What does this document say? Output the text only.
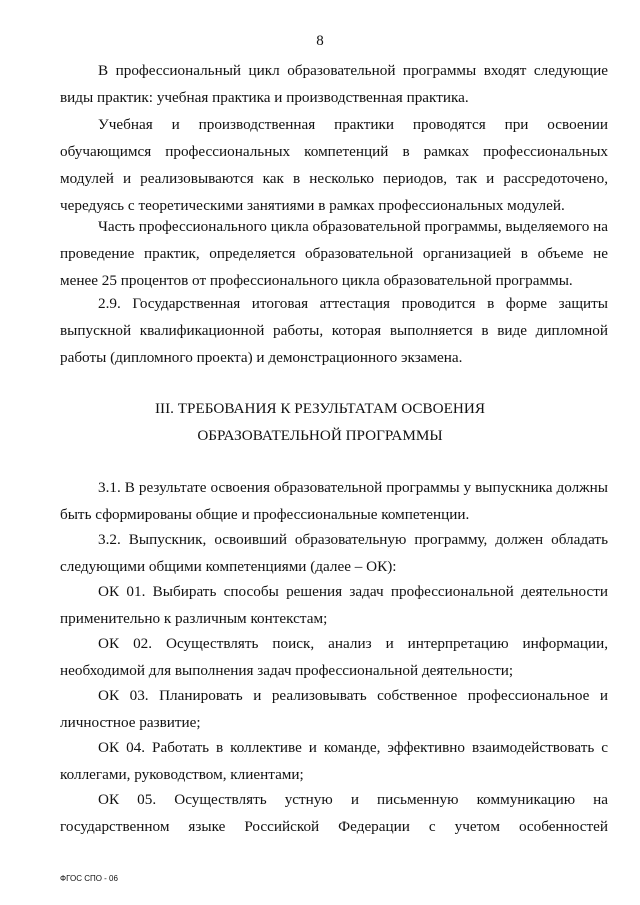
8

В профессиональный цикл образовательной программы входят следующие виды практик: учебная практика и производственная практика.

Учебная и производственная практики проводятся при освоении обучающимся профессиональных компетенций в рамках профессиональных модулей и реализовываются как в несколько периодов, так и рассредоточено, чередуясь с теоретическими занятиями в рамках профессиональных модулей.

Часть профессионального цикла образовательной программы, выделяемого на проведение практик, определяется образовательной организацией в объеме не менее 25 процентов от профессионального цикла образовательной программы.

2.9. Государственная итоговая аттестация проводится в форме защиты выпускной квалификационной работы, которая выполняется в виде дипломной работы (дипломного проекта) и демонстрационного экзамена.

III. ТРЕБОВАНИЯ К РЕЗУЛЬТАТАМ ОСВОЕНИЯ
ОБРАЗОВАТЕЛЬНОЙ ПРОГРАММЫ

3.1. В результате освоения образовательной программы у выпускника должны быть сформированы общие и профессиональные компетенции.

3.2. Выпускник, освоивший образовательную программу, должен обладать следующими общими компетенциями (далее – ОК):

ОК 01. Выбирать способы решения задач профессиональной деятельности применительно к различным контекстам;

ОК 02. Осуществлять поиск, анализ и интерпретацию информации, необходимой для выполнения задач профессиональной деятельности;

ОК 03. Планировать и реализовывать собственное профессиональное и личностное развитие;

ОК 04. Работать в коллективе и команде, эффективно взаимодействовать с коллегами, руководством, клиентами;

ОК 05. Осуществлять устную и письменную коммуникацию на государственном языке Российской Федерации с учетом особенностей

ФГОС СПО - 06
